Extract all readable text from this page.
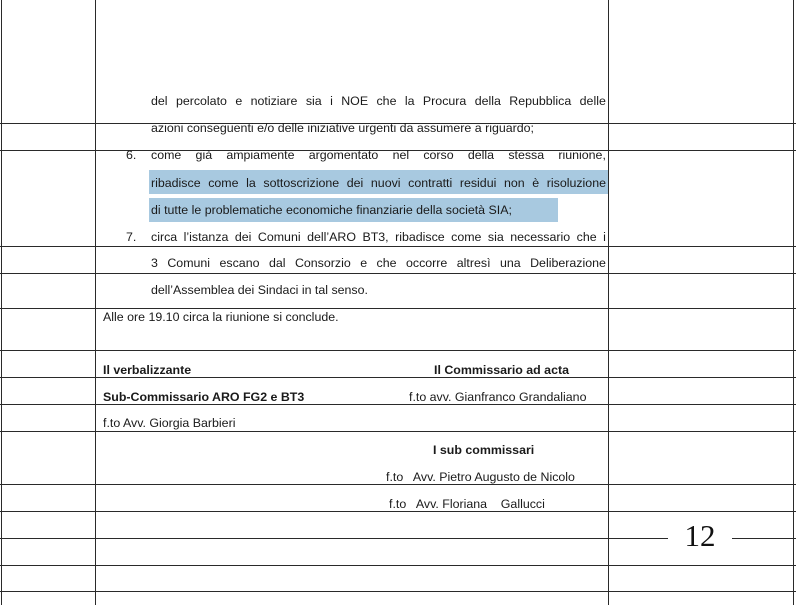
del percolato e notiziare sia i NOE che la Procura della Repubblica delle
azioni conseguenti e/o delle iniziative urgenti da assumere a riguardo;
6. come già ampiamente argomentato nel corso della stessa riunione,
ribadisce come la sottoscrizione dei nuovi contratti residui non è risoluzione
di tutte le problematiche economiche finanziarie della società SIA;
7. circa l’istanza dei Comuni dell’ARO BT3, ribadisce come sia necessario che i
3 Comuni escano dal Consorzio e che occorre altresì una Deliberazione
dell’Assemblea dei Sindaci in tal senso.
Alle ore 19.10 circa la riunione si conclude.
Il verbalizzante	Il Commissario ad acta
Sub-Commissario ARO FG2 e BT3	f.to avv. Gianfranco Grandaliano
f.to Avv. Giorgia Barbieri
I sub commissari
f.to   Avv. Pietro Augusto de Nicolo
f.to   Avv. Floriana    Gallucci
12
